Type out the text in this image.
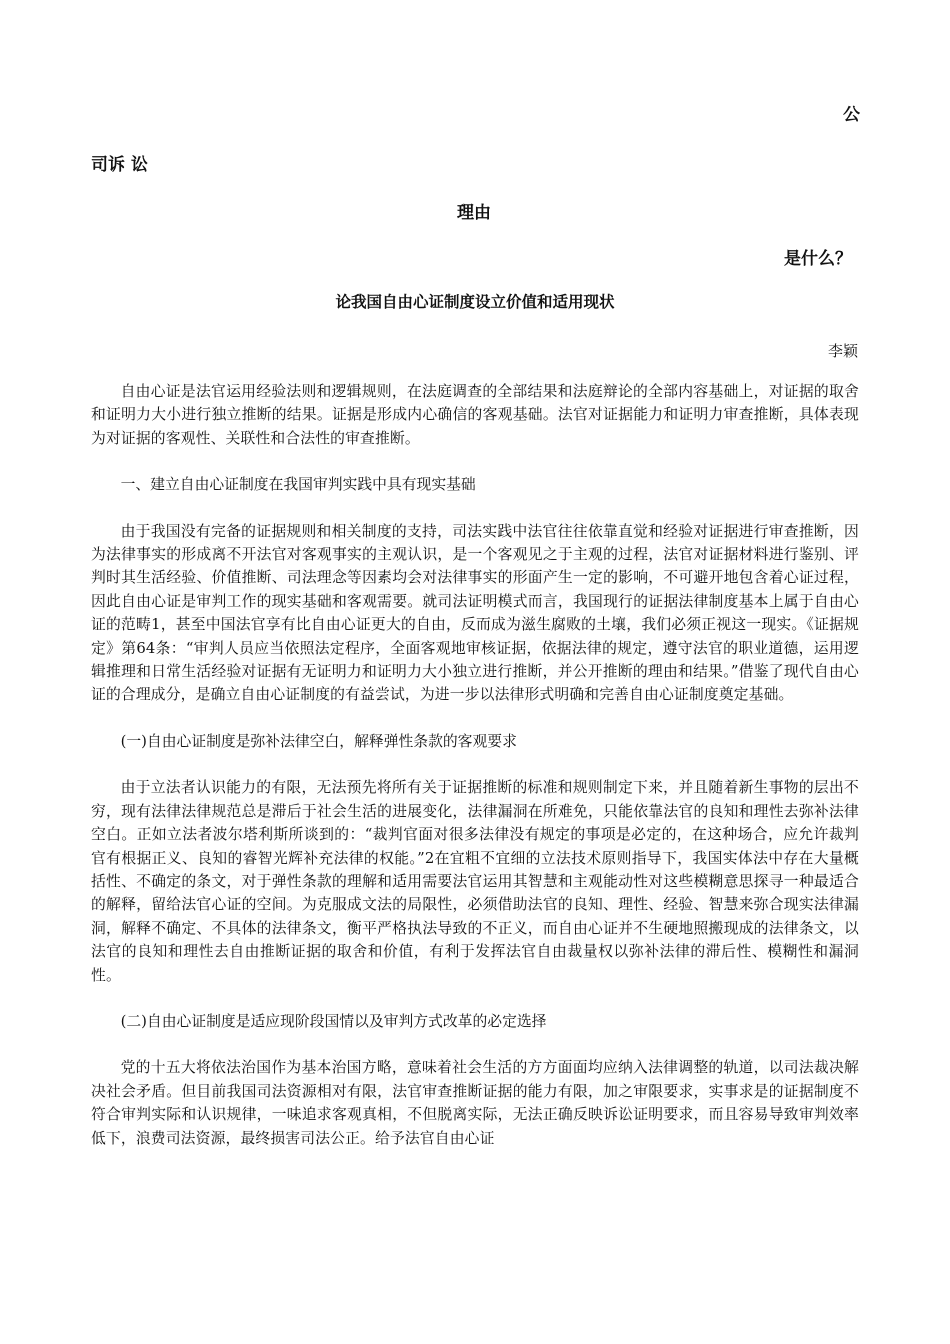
公
司诉 讼
理由
是什么？
论我国自由心证制度设立价值和适用现状
李颖

自由心证是法官运用经验法则和逻辑规则，在法庭调查的全部结果和法庭辩论的全部内容基础上，对证据的取舍和证明力大小进行独立推断的结果。证据是形成内心确信的客观基础。法官对证据能力和证明力审查推断，具体表现为对证据的客观性、关联性和合法性的审查推断。

一、建立自由心证制度在我国审判实践中具有现实基础

由于我国没有完备的证据规则和相关制度的支持，司法实践中法官往往依靠直觉和经验对证据进行审查推断，因为法律事实的形成离不开法官对客观事实的主观认识，是一个客观见之于主观的过程，法官对证据材料进行鉴别、评判时其生活经验、价值推断、司法理念等因素均会对法律事实的形面产生一定的影响，不可避开地包含着心证过程，因此自由心证是审判工作的现实基础和客观需要。就司法证明模式而言，我国现行的证据法律制度基本上属于自由心证的范畴1，甚至中国法官享有比自由心证更大的自由，反而成为滋生腐败的土壤，我们必须正视这一现实。《证据规定》第64条：“审判人员应当依照法定程序，全面客观地审核证据，依据法律的规定，遵守法官的职业道德，运用逻辑推理和日常生活经验对证据有无证明力和证明力大小独立进行推断，并公开推断的理由和结果。”借鉴了现代自由心证的合理成分，是确立自由心证制度的有益尝试，为进一步以法律形式明确和完善自由心证制度奠定基础。

(一)自由心证制度是弥补法律空白，解释弹性条款的客观要求

由于立法者认识能力的有限，无法预先将所有关于证据推断的标准和规则制定下来，并且随着新生事物的层出不穷，现有法律法律规范总是滞后于社会生活的进展变化，法律漏洞在所难免，只能依靠法官的良知和理性去弥补法律空白。正如立法者波尔塔利斯所谈到的：“裁判官面对很多法律没有规定的事项是必定的，在这种场合，应允许裁判官有根据正义、良知的睿智光辉补充法律的权能。”2在宜粗不宜细的立法技术原则指导下，我国实体法中存在大量概括性、不确定的条文，对于弹性条款的理解和适用需要法官运用其智慧和主观能动性对这些模糊意思探寻一种最适合的解释，留给法官心证的空间。为克服成文法的局限性，必须借助法官的良知、理性、经验、智慧来弥合现实法律漏洞，解释不确定、不具体的法律条文，衡平严格执法导致的不正义，而自由心证并不生硬地照搬现成的法律条文，以法官的良知和理性去自由推断证据的取舍和价值，有利于发挥法官自由裁量权以弥补法律的滞后性、模糊性和漏洞性。

(二)自由心证制度是适应现阶段国情以及审判方式改革的必定选择

党的十五大将依法治国作为基本治国方略，意味着社会生活的方方面面均应纳入法律调整的轨道，以司法裁决解决社会矛盾。但目前我国司法资源相对有限，法官审查推断证据的能力有限，加之审限要求，实事求是的证据制度不符合审判实际和认识规律，一味追求客观真相，不但脱离实际，无法正确反映诉讼证明要求，而且容易导致审判效率低下，浪费司法资源，最终损害司法公正。给予法官自由心证
